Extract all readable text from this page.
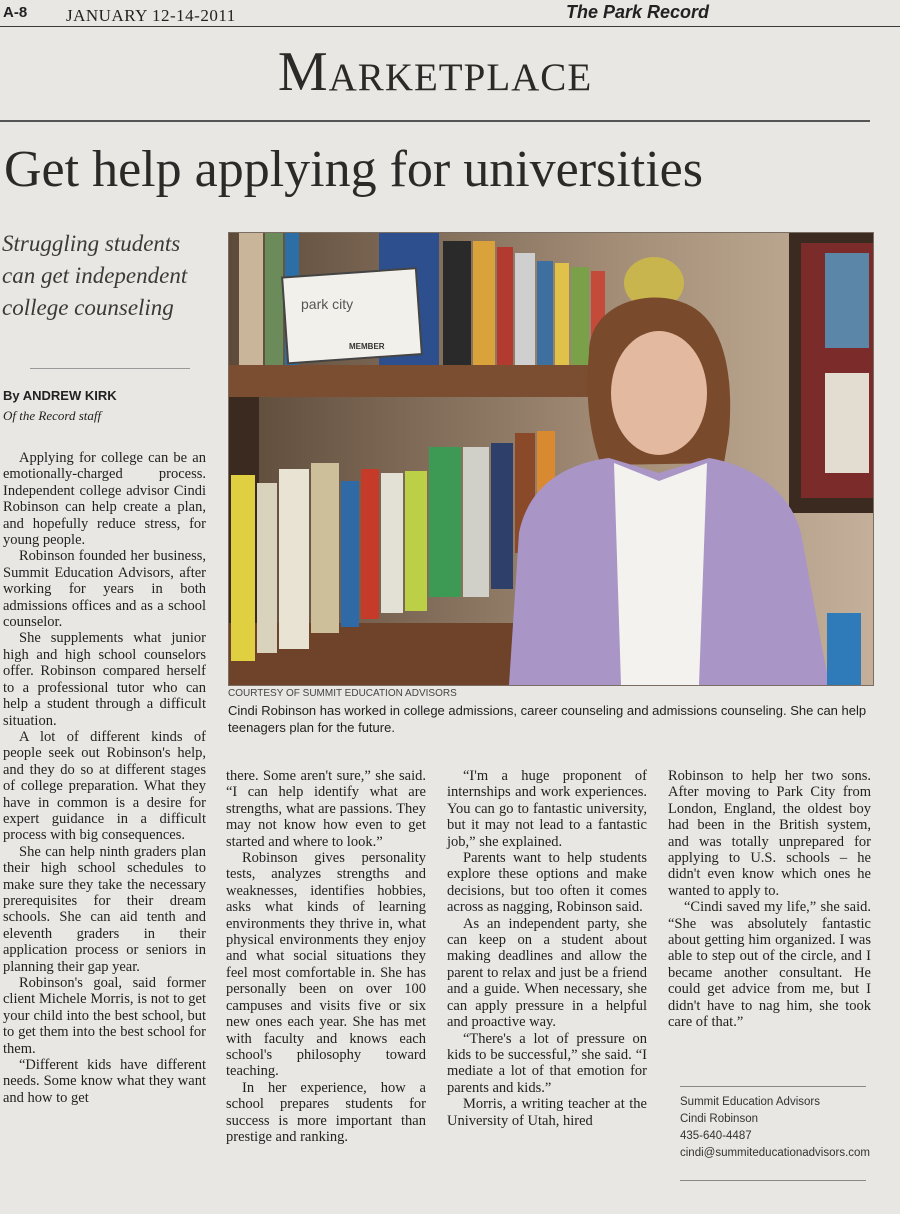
A-8 JANUARY 12-14-2011	The Park Record
Marketplace
Get help applying for universities
Struggling students can get independent college counseling
By ANDREW KIRK
Of the Record staff
park city
MEMBER
COURTESY OF SUMMIT EDUCATION ADVISORS
Cindi Robinson has worked in college admissions, career counseling and admissions counseling. She can help teenagers plan for the future.

Applying for college can be an emotionally-charged process. Independent college advisor Cindi Robinson can help create a plan, and hopefully reduce stress, for young people.

Robinson founded her business, Summit Education Advisors, after working for years in both admissions offices and as a school counselor.

She supplements what junior high and high school counselors offer. Robinson compared herself to a professional tutor who can help a student through a difficult situation.

A lot of different kinds of people seek out Robinson's help, and they do so at different stages of college preparation. What they have in common is a desire for expert guidance in a difficult process with big consequences.

She can help ninth graders plan their high school schedules to make sure they take the necessary prerequisites for their dream schools. She can aid tenth and eleventh graders in their application process or seniors in planning their gap year.

Robinson's goal, said former client Michele Morris, is not to get your child into the best school, but to get them into the best school for them.

“Different kids have different needs. Some know what they want and how to get

there. Some aren't sure,” she said. “I can help identify what are strengths, what are passions. They may not know how even to get started and where to look.”

Robinson gives personality tests, analyzes strengths and weaknesses, identifies hobbies, asks what kinds of learning environments they thrive in, what physical environments they enjoy and what social situations they feel most comfortable in. She has personally been on over 100 campuses and visits five or six new ones each year. She has met with faculty and knows each school's philosophy toward teaching.

In her experience, how a school prepares students for success is more important than prestige and ranking.

“I'm a huge proponent of internships and work experiences. You can go to fantastic university, but it may not lead to a fantastic job,” she explained.

Parents want to help students explore these options and make decisions, but too often it comes across as nagging, Robinson said.

As an independent party, she can keep on a student about making deadlines and allow the parent to relax and just be a friend and a guide. When necessary, she can apply pressure in a helpful and proactive way.

“There's a lot of pressure on kids to be successful,” she said. “I mediate a lot of that emotion for parents and kids.”

Morris, a writing teacher at the University of Utah, hired

Robinson to help her two sons. After moving to Park City from London, England, the oldest boy had been in the British system, and was totally unprepared for applying to U.S. schools – he didn't even know which ones he wanted to apply to.

“Cindi saved my life,” she said. “She was absolutely fantastic about getting him organized. I was able to step out of the circle, and I became another consultant. He could get advice from me, but I didn't have to nag him, she took care of that.”

Summit Education Advisors
Cindi Robinson
435-640-4487
cindi@summiteducationadvisors.com
